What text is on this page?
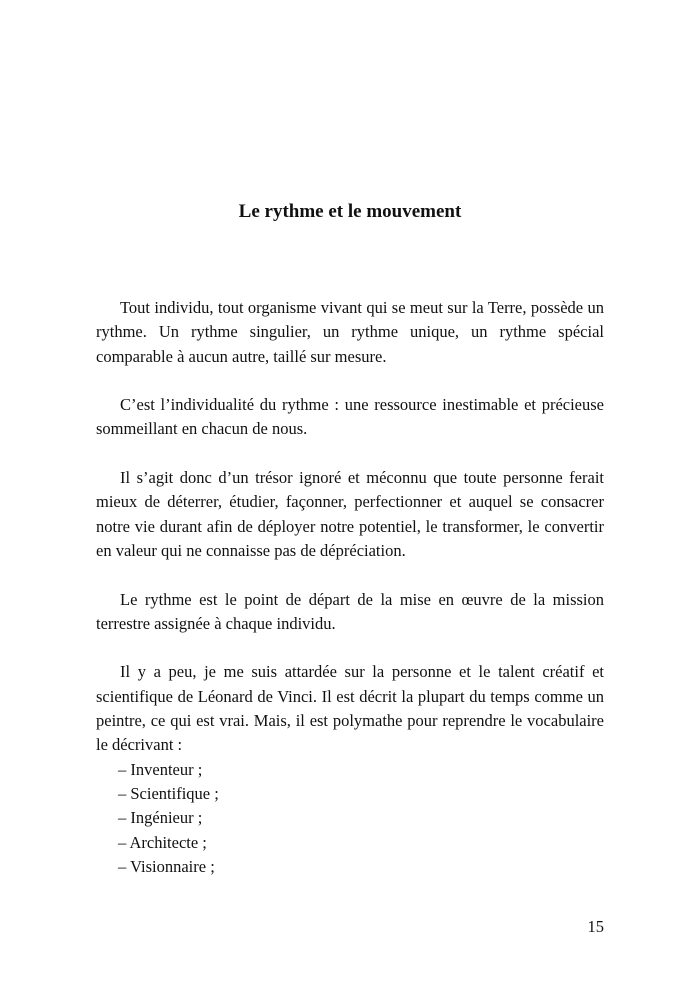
Le rythme et le mouvement

Tout individu, tout organisme vivant qui se meut sur la Terre, possède un rythme. Un rythme singulier, un rythme unique, un rythme spécial comparable à aucun autre, taillé sur mesure.

C’est l’individualité du rythme : une ressource inestimable et précieuse sommeillant en chacun de nous.

Il s’agit donc d’un trésor ignoré et méconnu que toute personne ferait mieux de déterrer, étudier, façonner, perfectionner et auquel se consacrer notre vie durant afin de déployer notre potentiel, le transformer, le convertir en valeur qui ne connaisse pas de dépréciation.

Le rythme est le point de départ de la mise en œuvre de la mission terrestre assignée à chaque individu.

Il y a peu, je me suis attardée sur la personne et le talent créatif et scientifique de Léonard de Vinci. Il est décrit la plupart du temps comme un peintre, ce qui est vrai. Mais, il est polymathe pour reprendre le vocabulaire le décrivant :

– Inventeur ;
– Scientifique ;
– Ingénieur ;
– Architecte ;
– Visionnaire ;
15
